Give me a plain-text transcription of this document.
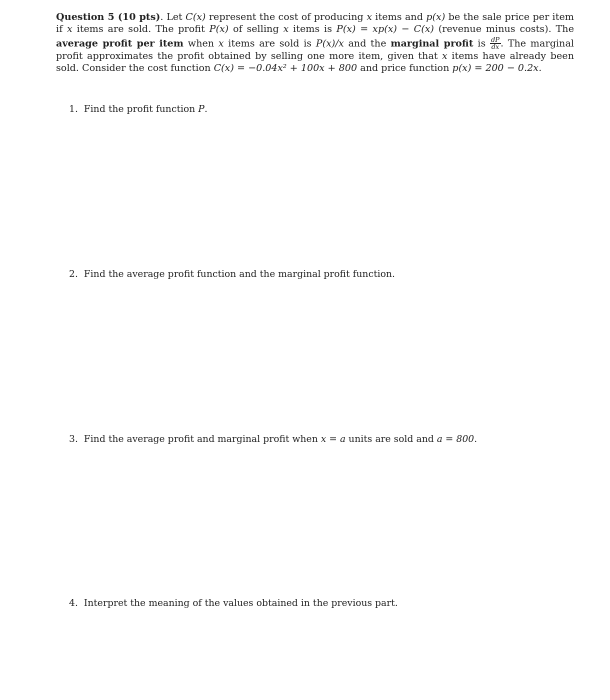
Question 5 (10 pts). Let C(x) represent the cost of producing x items and p(x) be the sale price per item if x items are sold. The profit P(x) of selling x items is P(x) = xp(x) − C(x) (revenue minus costs). The average profit per item when x items are sold is P(x)/x and the marginal profit is $\frac{dP}{dx}$ . The marginal profit approximates the profit obtained by selling one more item, given that x items have already been sold. Consider the cost function C(x) = −0.04x² + 100x + 800 and price function p(x) = 200 − 0.2x.
1. Find the profit function P.
2. Find the average profit function and the marginal profit function.
3. Find the average profit and marginal profit when x = a units are sold and a = 800.
4. Interpret the meaning of the values obtained in the previous part.
